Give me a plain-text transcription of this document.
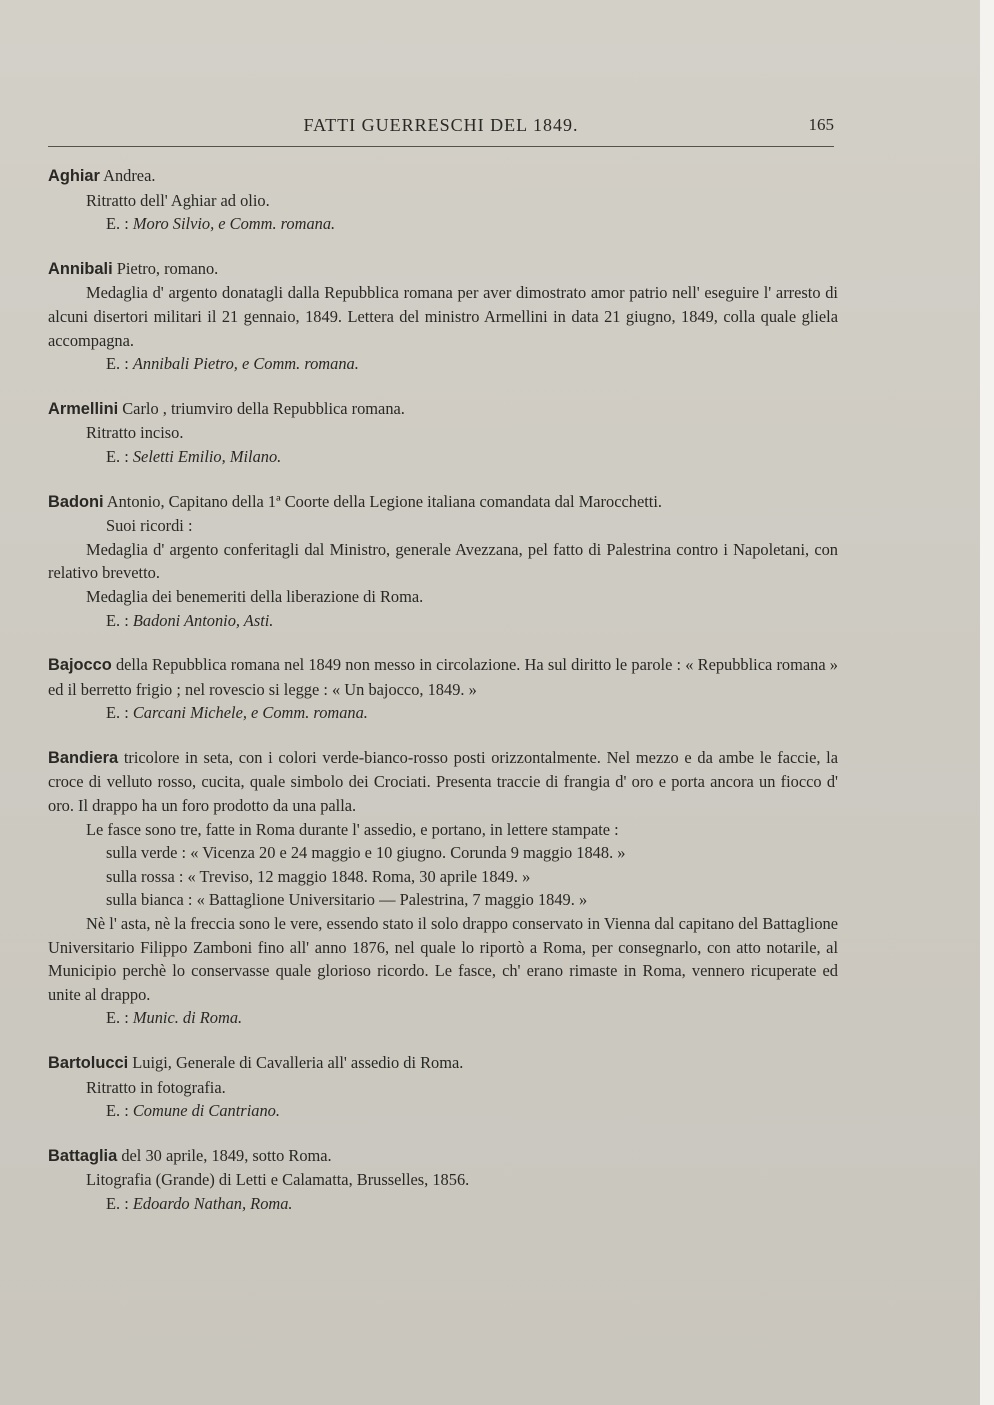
FATTI GUERRESCHI DEL 1849.	165

Aghiar Andrea.

Ritratto dell' Aghiar ad olio.

E. : Moro Silvio, e Comm. romana.

Annibali Pietro, romano.

Medaglia d' argento donatagli dalla Repubblica romana per aver dimostrato amor patrio nell' eseguire l' arresto di alcuni disertori militari il 21 gennaio, 1849. Lettera del ministro Armellini in data 21 giugno, 1849, colla quale gliela accompagna.

E. : Annibali Pietro, e Comm. romana.

Armellini Carlo , triumviro della Repubblica romana.

Ritratto inciso.

E. : Seletti Emilio, Milano.

Badoni Antonio, Capitano della 1ª Coorte della Legione italiana comandata dal Marocchetti.

Suoi ricordi :

Medaglia d' argento conferitagli dal Ministro, generale Avezzana, pel fatto di Palestrina contro i Napoletani, con relativo brevetto.

Medaglia dei benemeriti della liberazione di Roma.

E. : Badoni Antonio, Asti.

Bajocco della Repubblica romana nel 1849 non messo in circolazione. Ha sul diritto le parole : « Repubblica romana » ed il berretto frigio ; nel rovescio si legge : « Un bajocco, 1849. »

E. : Carcani Michele, e Comm. romana.

Bandiera tricolore in seta, con i colori verde-bianco-rosso posti orizzontalmente. Nel mezzo e da ambe le faccie, la croce di velluto rosso, cucita, quale simbolo dei Crociati. Presenta traccie di frangia d' oro e porta ancora un fiocco d' oro. Il drappo ha un foro prodotto da una palla.

Le fasce sono tre, fatte in Roma durante l' assedio, e portano, in lettere stampate :

sulla verde : « Vicenza 20 e 24 maggio e 10 giugno. Corunda 9 maggio 1848. »

sulla rossa : « Treviso, 12 maggio 1848. Roma, 30 aprile 1849. »

sulla bianca : « Battaglione Universitario — Palestrina, 7 maggio 1849. »

Nè l' asta, nè la freccia sono le vere, essendo stato il solo drappo conservato in Vienna dal capitano del Battaglione Universitario Filippo Zamboni fino all' anno 1876, nel quale lo riportò a Roma, per consegnarlo, con atto notarile, al Municipio perchè lo conservasse quale glorioso ricordo. Le fasce, ch' erano rimaste in Roma, vennero ricuperate ed unite al drappo.

E. : Munic. di Roma.

Bartolucci Luigi, Generale di Cavalleria all' assedio di Roma.

Ritratto in fotografia.

E. : Comune di Cantriano.

Battaglia del 30 aprile, 1849, sotto Roma.

Litografia (Grande) di Letti e Calamatta, Brusselles, 1856.

E. : Edoardo Nathan, Roma.
